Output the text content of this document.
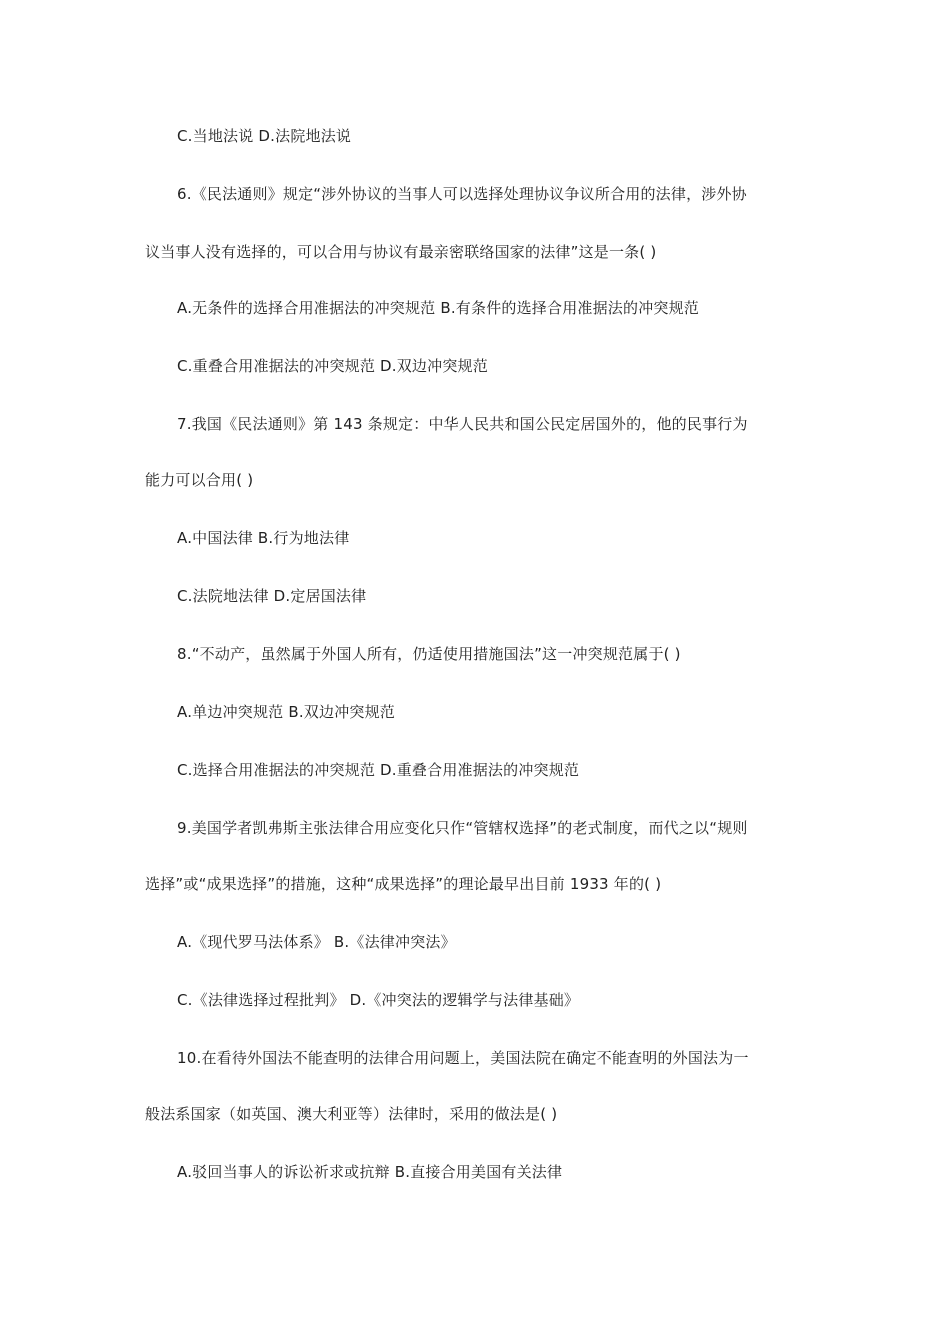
C.当地法说 D.法院地法说
6.《民法通则》规定“涉外协议的当事人可以选择处理协议争议所合用的法律，涉外协
议当事人没有选择的，可以合用与协议有最亲密联络国家的法律”这是一条( )
A.无条件的选择合用准据法的冲突规范 B.有条件的选择合用准据法的冲突规范
C.重叠合用准据法的冲突规范 D.双边冲突规范
7.我国《民法通则》第 143 条规定：中华人民共和国公民定居国外的，他的民事行为
能力可以合用( )
A.中国法律 B.行为地法律
C.法院地法律 D.定居国法律
8.“不动产，虽然属于外国人所有，仍适使用措施国法”这一冲突规范属于( )
A.单边冲突规范 B.双边冲突规范
C.选择合用准据法的冲突规范 D.重叠合用准据法的冲突规范
9.美国学者凯弗斯主张法律合用应变化只作“管辖权选择”的老式制度，而代之以“规则
选择”或“成果选择”的措施，这种“成果选择”的理论最早出目前 1933 年的( )
A.《现代罗马法体系》 B.《法律冲突法》
C.《法律选择过程批判》 D.《冲突法的逻辑学与法律基础》
10.在看待外国法不能查明的法律合用问题上，美国法院在确定不能查明的外国法为一
般法系国家（如英国、澳大利亚等）法律时，采用的做法是( )
A.驳回当事人的诉讼祈求或抗辩 B.直接合用美国有关法律
